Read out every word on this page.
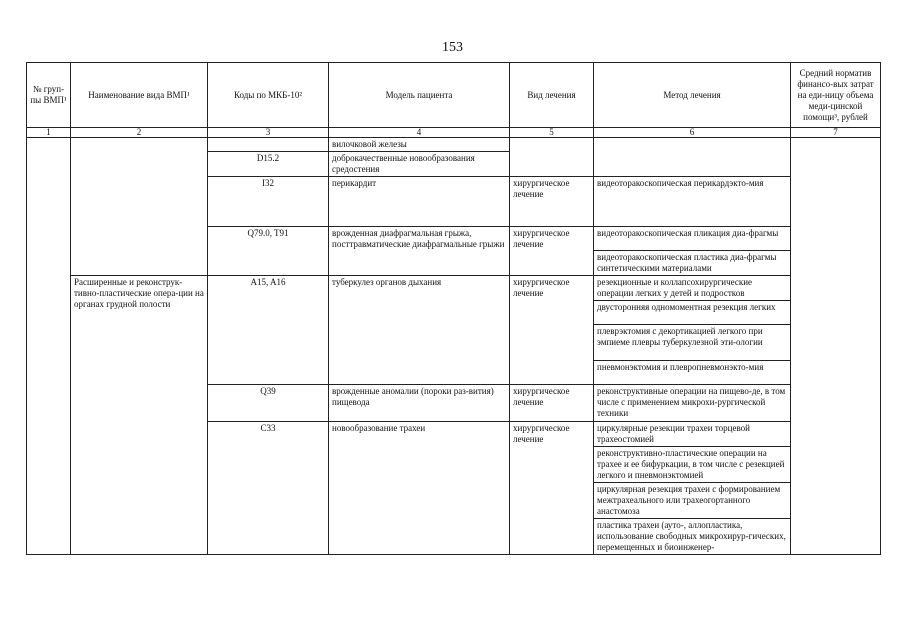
153
№ груп-пы ВМП¹	Наименование вида ВМП¹	Коды по МКБ-10²	Модель пациента	Вид лечения	Метод лечения	Средний норматив финансо-вых затрат на еди-ницу объема меди-цинской помощи³, рублей
1	2	3	4	5	6	7
			вилочковой железы			
		D15.2	доброкачественные новообразования средостения			
		I32	перикардит	хирургическое лечение	видеоторакоскопическая перикардэкто-мия	
		Q79.0, T91	врожденная диафрагмальная грыжа, посттравматические диафрагмальные грыжи	хирургическое лечение	видеоторакоскопическая пликация диа-фрагмы	
					видеоторакоскопическая пластика диа-фрагмы синтетическими материалами	
	Расширенные и реконструк-тивно-пластические опера-ции на органах грудной полости	A15, A16	туберкулез органов дыхания	хирургическое лечение	резекционные и коллапсохирургические операции легких у детей и подростков	
					двусторонняя одномоментная резекция легких	
					плеврэктомия с декортикацией легкого при эмпиеме плевры туберкулезной эти-ологии	
					пневмонэктомия и плевропневмонэкто-мия	
		Q39	врожденные аномалии (пороки раз-вития) пищевода	хирургическое лечение	реконструктивные операции на пищево-де, в том числе с применением микрохи-рургической техники	
		C33	новообразование трахеи	хирургическое лечение	циркулярные резекции трахеи торцевой трахеостомией	
					реконструктивно-пластические операции на трахее и ее бифуркации, в том числе с резекцией легкого и пневмонэктомией	
					циркулярная резекция трахеи с формированием межтрахеального или трахеогортанного анастомоза	
					пластика трахеи (ауто-, аллопластика, использование свободных микрохирур-гических, перемещенных и биоинженер-	
